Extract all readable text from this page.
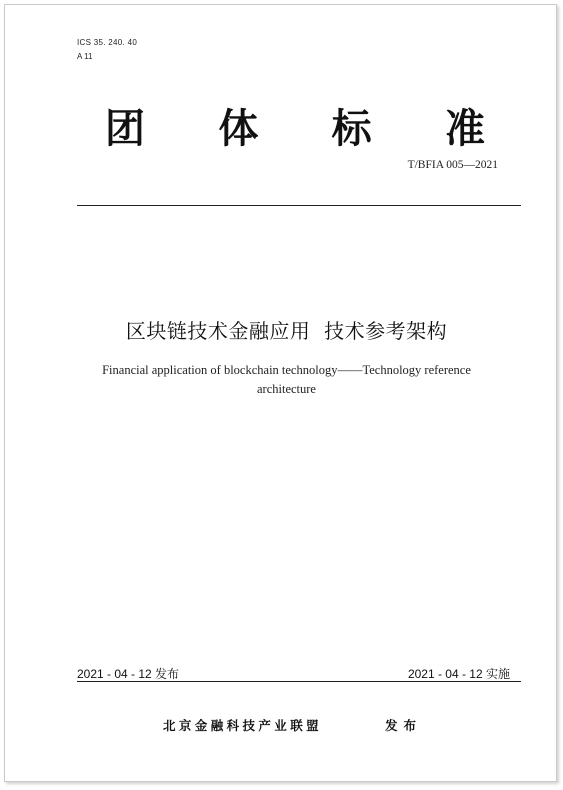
ICS 35. 240. 40
A 11
团 体 标 准
T/BFIA 005—2021
区块链技术金融应用  技术参考架构
Financial application of blockchain technology——Technology reference
architecture
2021 - 04 - 12 发布	2021 - 04 - 12 实施
北京金融科技产业联盟	发布
